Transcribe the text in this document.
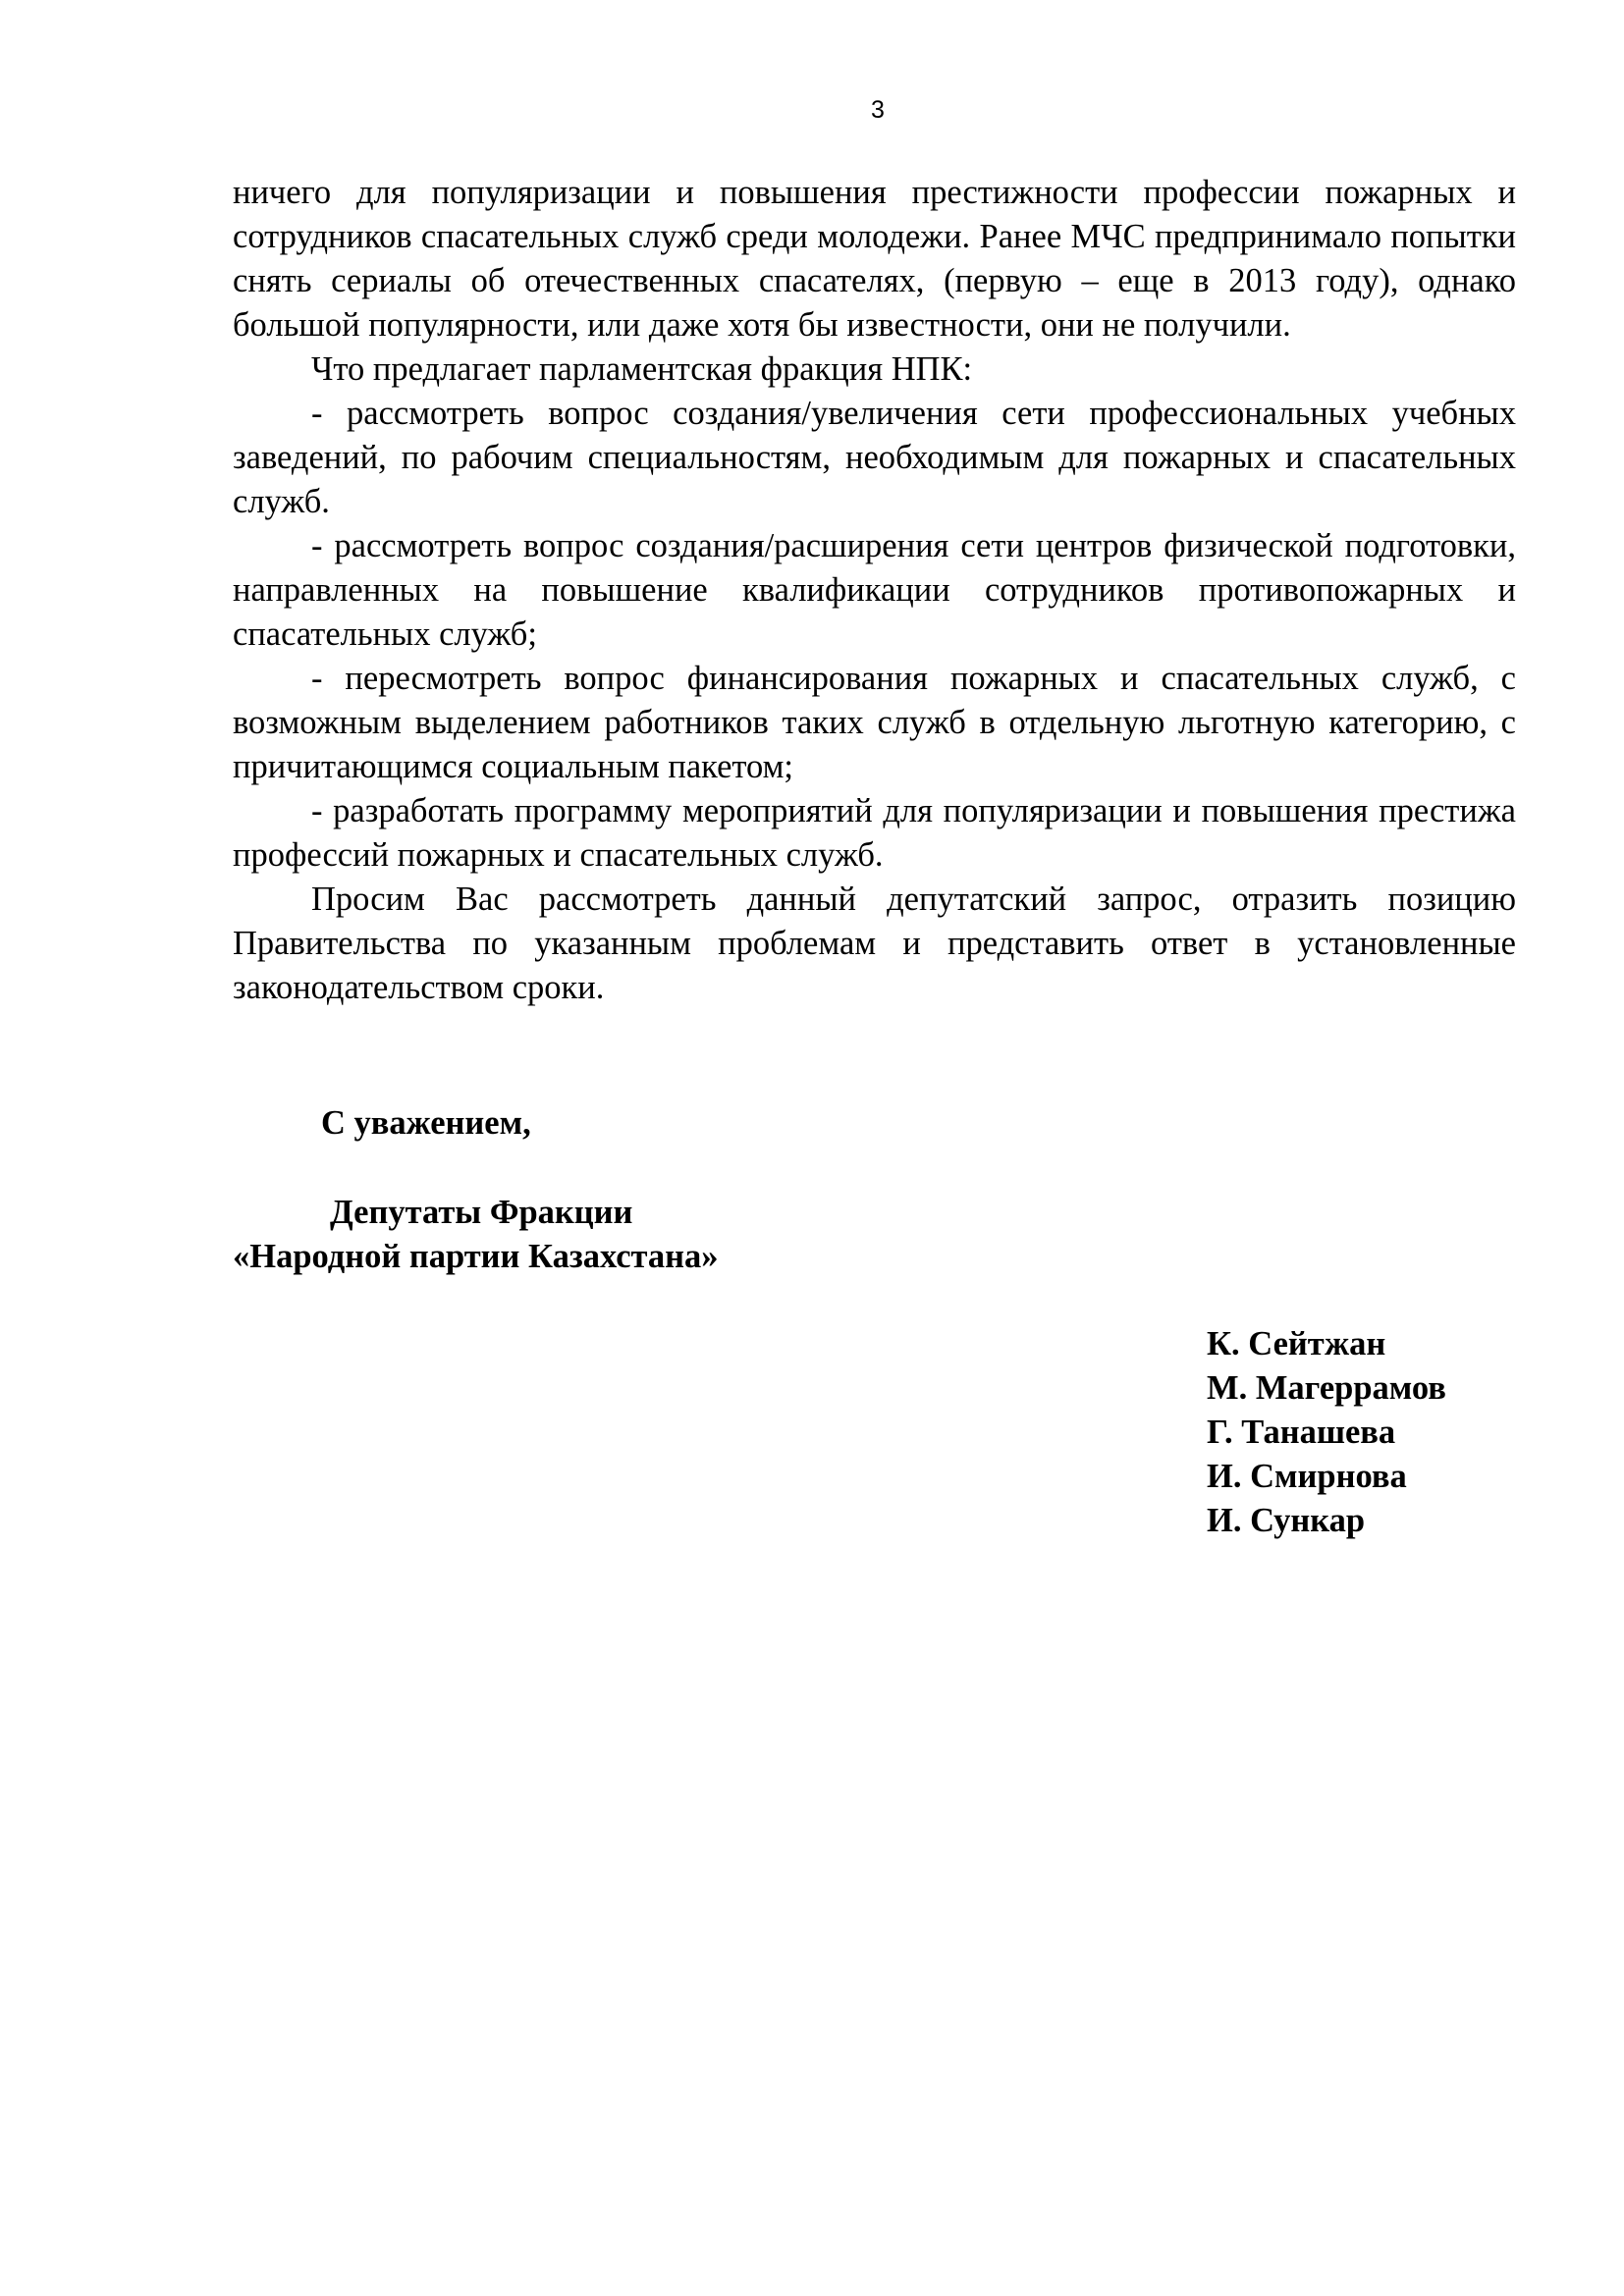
3

ничего для популяризации и повышения престижности профессии пожарных и сотрудников спасательных служб среди молодежи. Ранее МЧС предпринимало попытки снять сериалы об отечественных спасателях, (первую – еще в 2013 году), однако большой популярности, или даже хотя бы известности, они не получили.

Что предлагает парламентская фракция НПК:

- рассмотреть вопрос создания/увеличения сети профессиональных учебных заведений, по рабочим специальностям, необходимым для пожарных и спасательных служб.

- рассмотреть вопрос создания/расширения сети центров физической подготовки, направленных на повышение квалификации сотрудников противопожарных и спасательных служб;

- пересмотреть вопрос финансирования пожарных и спасательных служб, с возможным выделением работников таких служб в отдельную льготную категорию, с причитающимся социальным пакетом;

- разработать программу мероприятий для популяризации и повышения престижа профессий пожарных и спасательных служб.

Просим Вас рассмотреть данный депутатский запрос, отразить позицию Правительства по указанным проблемам и представить ответ в установленные законодательством сроки.

С уважением,
Депутаты Фракции
«Народной партии Казахстана»
К. Сейтжан
М. Магеррамов
Г. Танашева
И. Смирнова
И. Сункар
